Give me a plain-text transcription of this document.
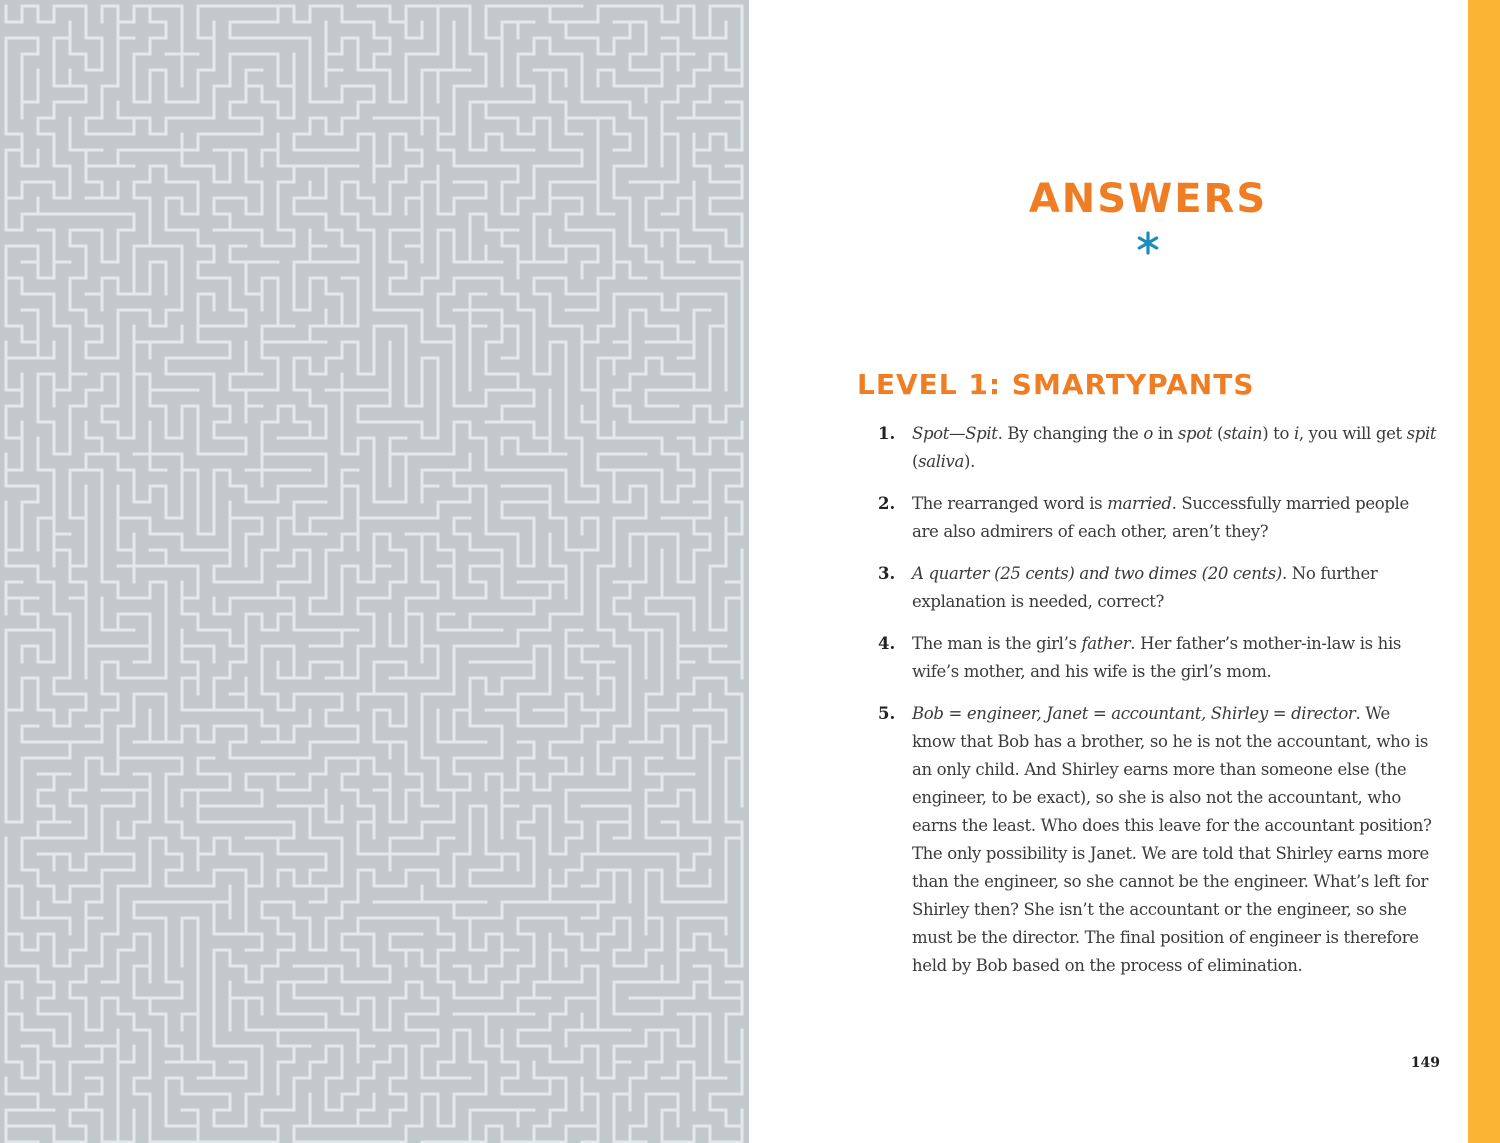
ANSWERS
LEVEL 1: SMARTYPANTS
1. Spot—Spit. By changing the o in spot (stain) to i, you will get spit (saliva).
2. The rearranged word is married. Successfully married people are also admirers of each other, aren’t they?
3. A quarter (25 cents) and two dimes (20 cents). No further explanation is needed, correct?
4. The man is the girl’s father. Her father’s mother-in-law is his wife’s mother, and his wife is the girl’s mom.
5. Bob = engineer, Janet = accountant, Shirley = director. We know that Bob has a brother, so he is not the accountant, who is an only child. And Shirley earns more than someone else (the engineer, to be exact), so she is also not the accountant, who earns the least. Who does this leave for the accountant position? The only possibility is Janet. We are told that Shirley earns more than the engineer, so she cannot be the engineer. What’s left for Shirley then? She isn’t the accountant or the engineer, so she must be the director. The final position of engineer is therefore held by Bob based on the process of elimination.
149
